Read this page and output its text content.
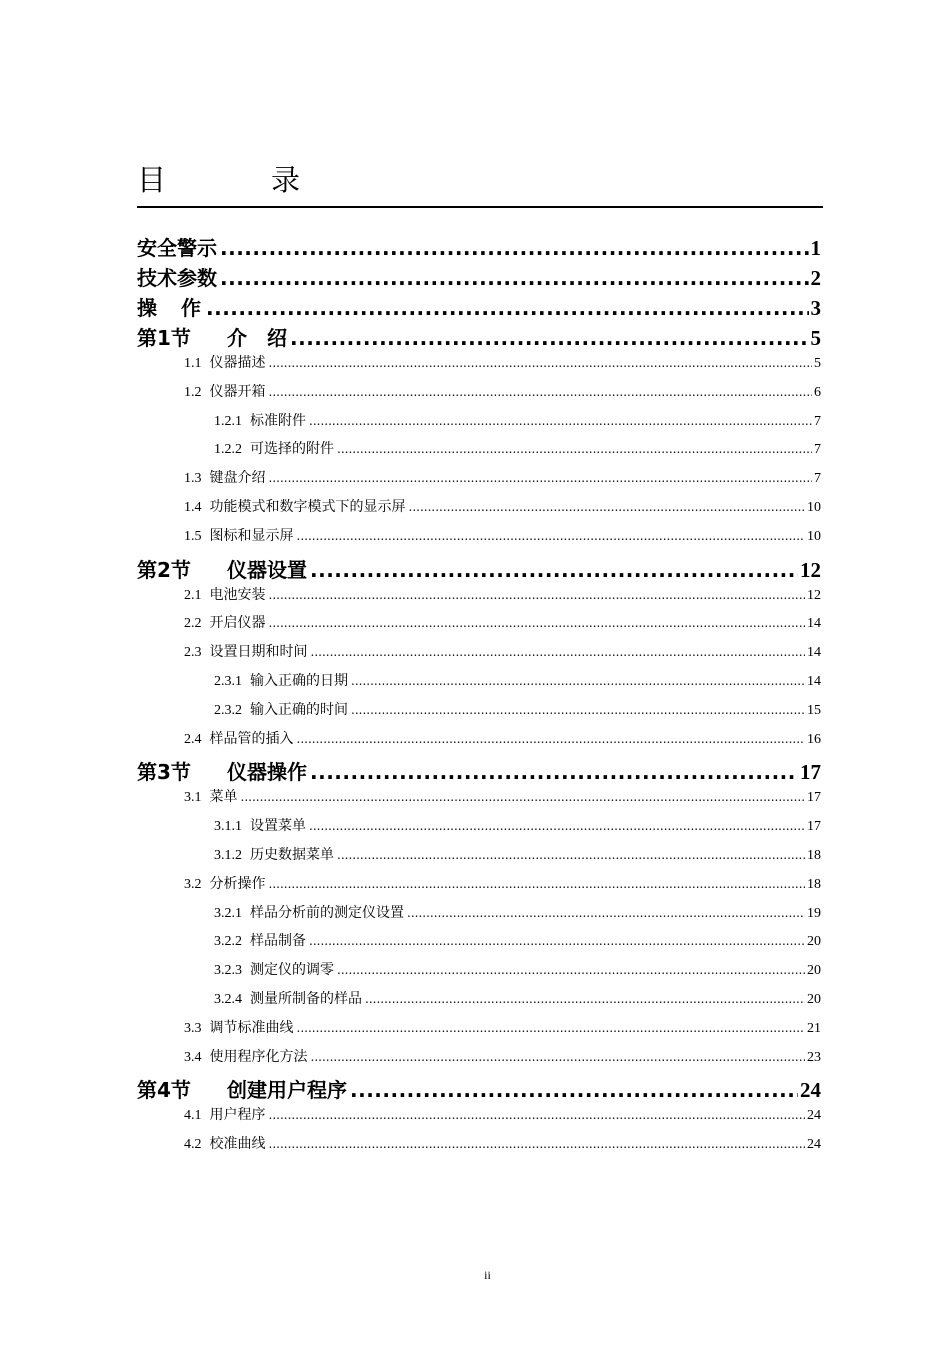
目　录
安全警示 .....	1
技术参数 .....	2
操　作 .....	3
第1节	介　绍 .....	5
1.1 仪器描述 .....	5
1.2 仪器开箱 .....	6
1.2.1 标准附件 .....	7
1.2.2 可选择的附件 .....	7
1.3 键盘介绍 .....	7
1.4 功能模式和数字模式下的显示屏 .....	10
1.5 图标和显示屏 .....	10
第2节	仪器设置 .....	12
2.1 电池安装 .....	12
2.2 开启仪器 .....	14
2.3 设置日期和时间 .....	14
2.3.1 输入正确的日期 .....	14
2.3.2 输入正确的时间 .....	15
2.4 样品管的插入 .....	16
第3节	仪器操作 .....	17
3.1 菜单 .....	17
3.1.1 设置菜单 .....	17
3.1.2 历史数据菜单 .....	18
3.2 分析操作 .....	18
3.2.1 样品分析前的测定仪设置 .....	19
3.2.2 样品制备 .....	20
3.2.3 测定仪的调零 .....	20
3.2.4 测量所制备的样品 .....	20
3.3 调节标准曲线 .....	21
3.4 使用程序化方法 .....	23
第4节	创建用户程序 .....	24
4.1 用户程序 .....	24
4.2 校准曲线 .....	24
ii
